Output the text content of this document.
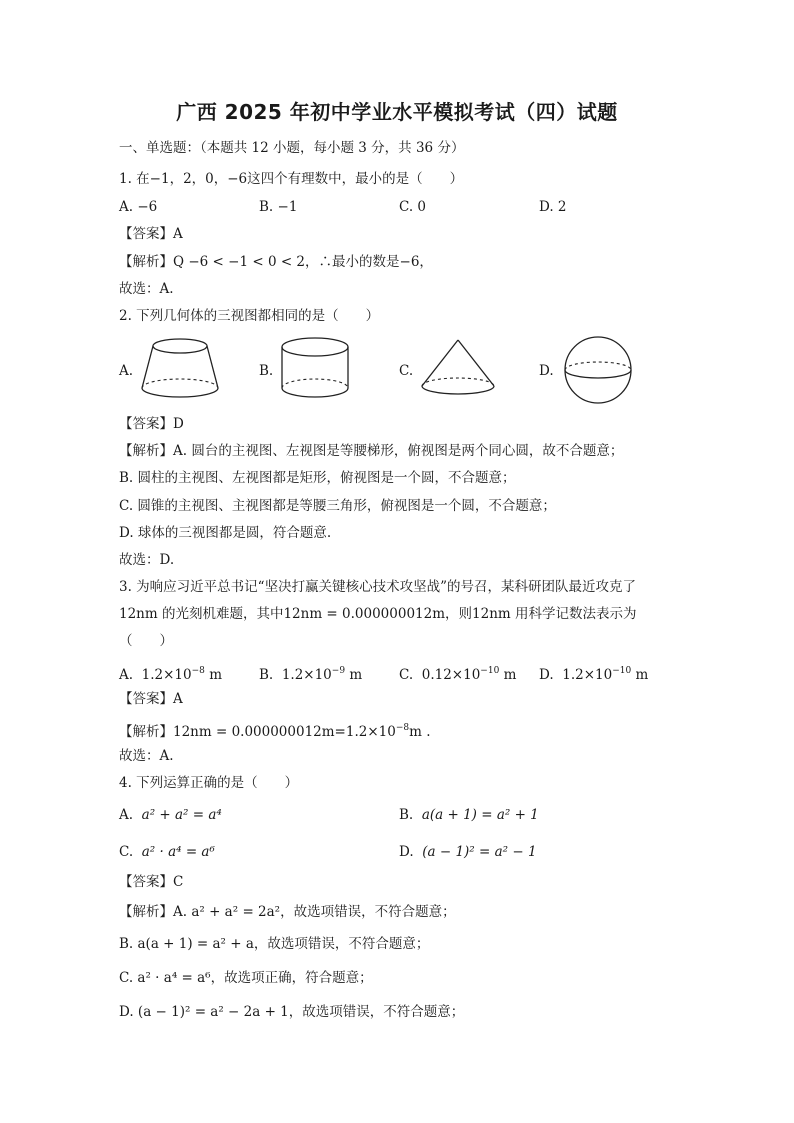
广西 2025 年初中学业水平模拟考试（四）试题
一、单选题：（本题共 12 小题，每小题 3 分，共 36 分）
1. 在−1，2，0，−6这四个有理数中，最小的是（　　）
A. −6	B. −1	C. 0	D. 2
【答案】A
【解析】Q −6 < −1 < 0 < 2，∴最小的数是−6，
故选：A.
2. 下列几何体的三视图都相同的是（　　）
A.	B.	C.	D.
【答案】D
【解析】A. 圆台的主视图、左视图是等腰梯形，俯视图是两个同心圆，故不合题意；
B. 圆柱的主视图、左视图都是矩形，俯视图是一个圆，不合题意；
C. 圆锥的主视图、主视图都是等腰三角形，俯视图是一个圆，不合题意；
D. 球体的三视图都是圆，符合题意.
故选：D.
3. 为响应习近平总书记“坚决打赢关键核心技术攻坚战”的号召，某科研团队最近攻克了
12nm 的光刻机难题，其中12nm = 0.000000012m，则12nm 用科学记数法表示为
（　　）
A. $1.2\times 10^{-8}$ m	B. $1.2\times 10^{-9}$ m	C. $0.12\times 10^{-10}$ m D. $1.2\times 10^{-10}$ m
【答案】A
【解析】$12nm = 0.000000012m=1.2\times 10^{-8}m$ .
故选：A.
4. 下列运算正确的是（　　）
A. a² + a² = a⁴	B. a(a + 1) = a² + 1
C. a² · a⁴ = a⁶	D. (a − 1)² = a² − 1
【答案】C
【解析】A. a² + a² = 2a²，故选项错误，不符合题意；
B. a(a + 1) = a² + a，故选项错误，不符合题意；
C. a² · a⁴ = a⁶，故选项正确，符合题意；
D. (a − 1)² = a² − 2a + 1，故选项错误，不符合题意；
